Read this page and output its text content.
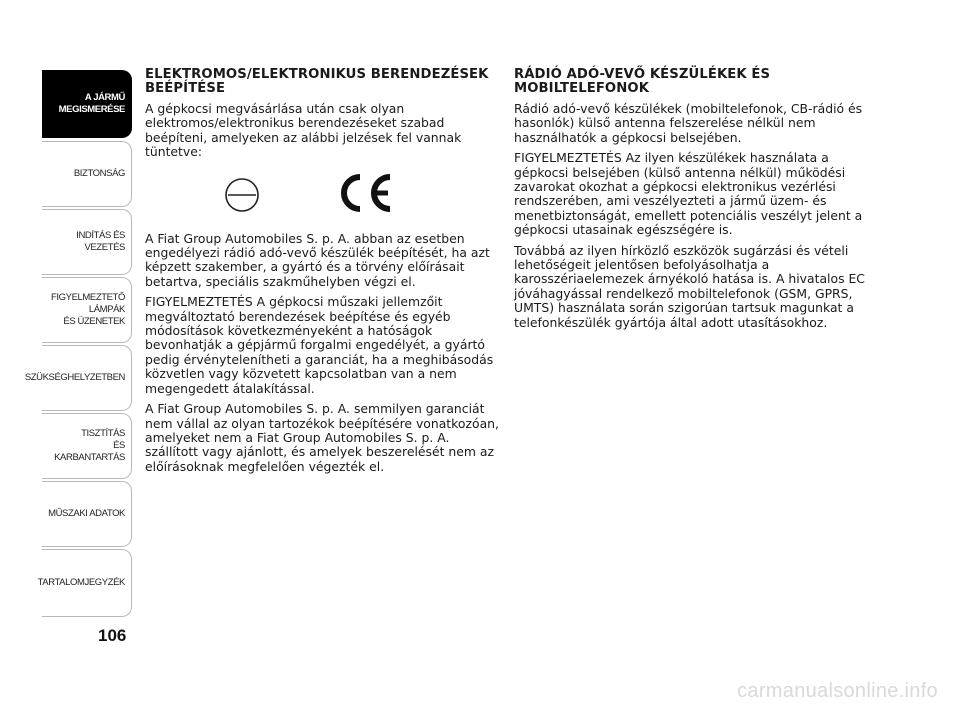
A JÁRMŰ
MEGISMERÉSE
BIZTONSÁG
INDÍTÁS ÉS VEZETÉS
FIGYELMEZTETŐ
LÁMPÁK
ÉS ÜZENETEK
SZÜKSÉGHELYZETBEN
TISZTÍTÁS
ÉS KARBANTARTÁS
MŰSZAKI ADATOK
TARTALOMJEGYZÉK
106
ELEKTROMOS/ELEKTRONIKUS BERENDEZÉSEK BEÉPÍTÉSE

A gépkocsi megvásárlása után csak olyan elektromos/elektronikus berendezéseket szabad beépíteni, amelyeken az alábbi jelzések fel vannak tüntetve:

A Fiat Group Automobiles S. p. A. abban az esetben engedélyezi rádió adó-vevő készülék beépítését, ha azt képzett szakember, a gyártó és a törvény előírásait betartva, speciális szakműhelyben végzi el.

FIGYELMEZTETÉS A gépkocsi műszaki jellemzőit megváltoztató berendezések beépítése és egyéb módosítások következményeként a hatóságok bevonhatják a gépjármű forgalmi engedélyét, a gyártó pedig érvénytelenítheti a garanciát, ha a meghibásodás közvetlen vagy közvetett kapcsolatban van a nem megengedett átalakítással.

A Fiat Group Automobiles S. p. A. semmilyen garanciát nem vállal az olyan tartozékok beépítésére vonatkozóan, amelyeket nem a Fiat Group Automobiles S. p. A. szállított vagy ajánlott, és amelyek beszerelését nem az előírásoknak megfelelően végezték el.

RÁDIÓ ADÓ-VEVŐ KÉSZÜLÉKEK ÉS MOBILTELEFONOK

Rádió adó-vevő készülékek (mobiltelefonok, CB-rádió és hasonlók) külső antenna felszerelése nélkül nem használhatók a gépkocsi belsejében.

FIGYELMEZTETÉS Az ilyen készülékek használata a gépkocsi belsejében (külső antenna nélkül) működési zavarokat okozhat a gépkocsi elektronikus vezérlési rendszerében, ami veszélyezteti a jármű üzem- és menetbiztonságát, emellett potenciális veszélyt jelent a gépkocsi utasainak egészségére is.

Továbbá az ilyen hírközlő eszközök sugárzási és vételi lehetőségeit jelentősen befolyásolhatja a karosszériaelemezek árnyékoló hatása is. A hivatalos EC jóváhagyással rendelkező mobiltelefonok (GSM, GPRS, UMTS) használata során szigorúan tartsuk magunkat a telefonkészülék gyártója által adott utasításokhoz.

carmanualsonline.info
